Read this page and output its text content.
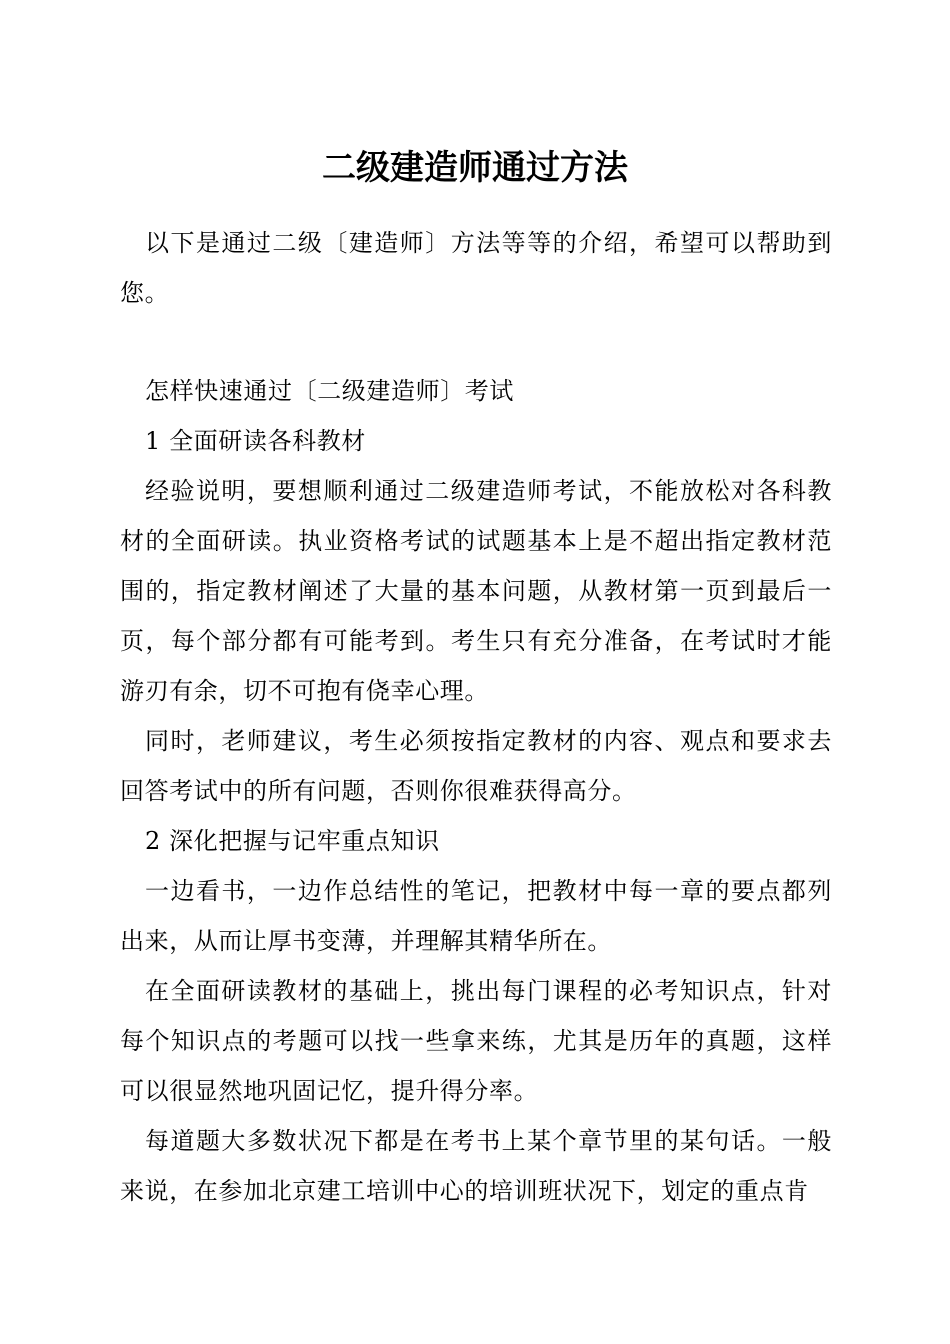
二级建造师通过方法

以下是通过二级〔建造师〕方法等等的介绍，希望可以帮助到您。

怎样快速通过〔二级建造师〕考试

1 全面研读各科教材

经验说明，要想顺利通过二级建造师考试，不能放松对各科教材的全面研读。执业资格考试的试题基本上是不超出指定教材范围的，指定教材阐述了大量的基本问题，从教材第一页到最后一页，每个部分都有可能考到。考生只有充分准备，在考试时才能游刃有余，切不可抱有侥幸心理。

同时，老师建议，考生必须按指定教材的内容、观点和要求去回答考试中的所有问题，否则你很难获得高分。

2 深化把握与记牢重点知识

一边看书，一边作总结性的笔记，把教材中每一章的要点都列出来，从而让厚书变薄，并理解其精华所在。

在全面研读教材的基础上，挑出每门课程的必考知识点，针对每个知识点的考题可以找一些拿来练，尤其是历年的真题，这样可以很显然地巩固记忆，提升得分率。

每道题大多数状况下都是在考书上某个章节里的某句话。一般来说，在参加北京建工培训中心的培训班状况下，划定的重点肯
